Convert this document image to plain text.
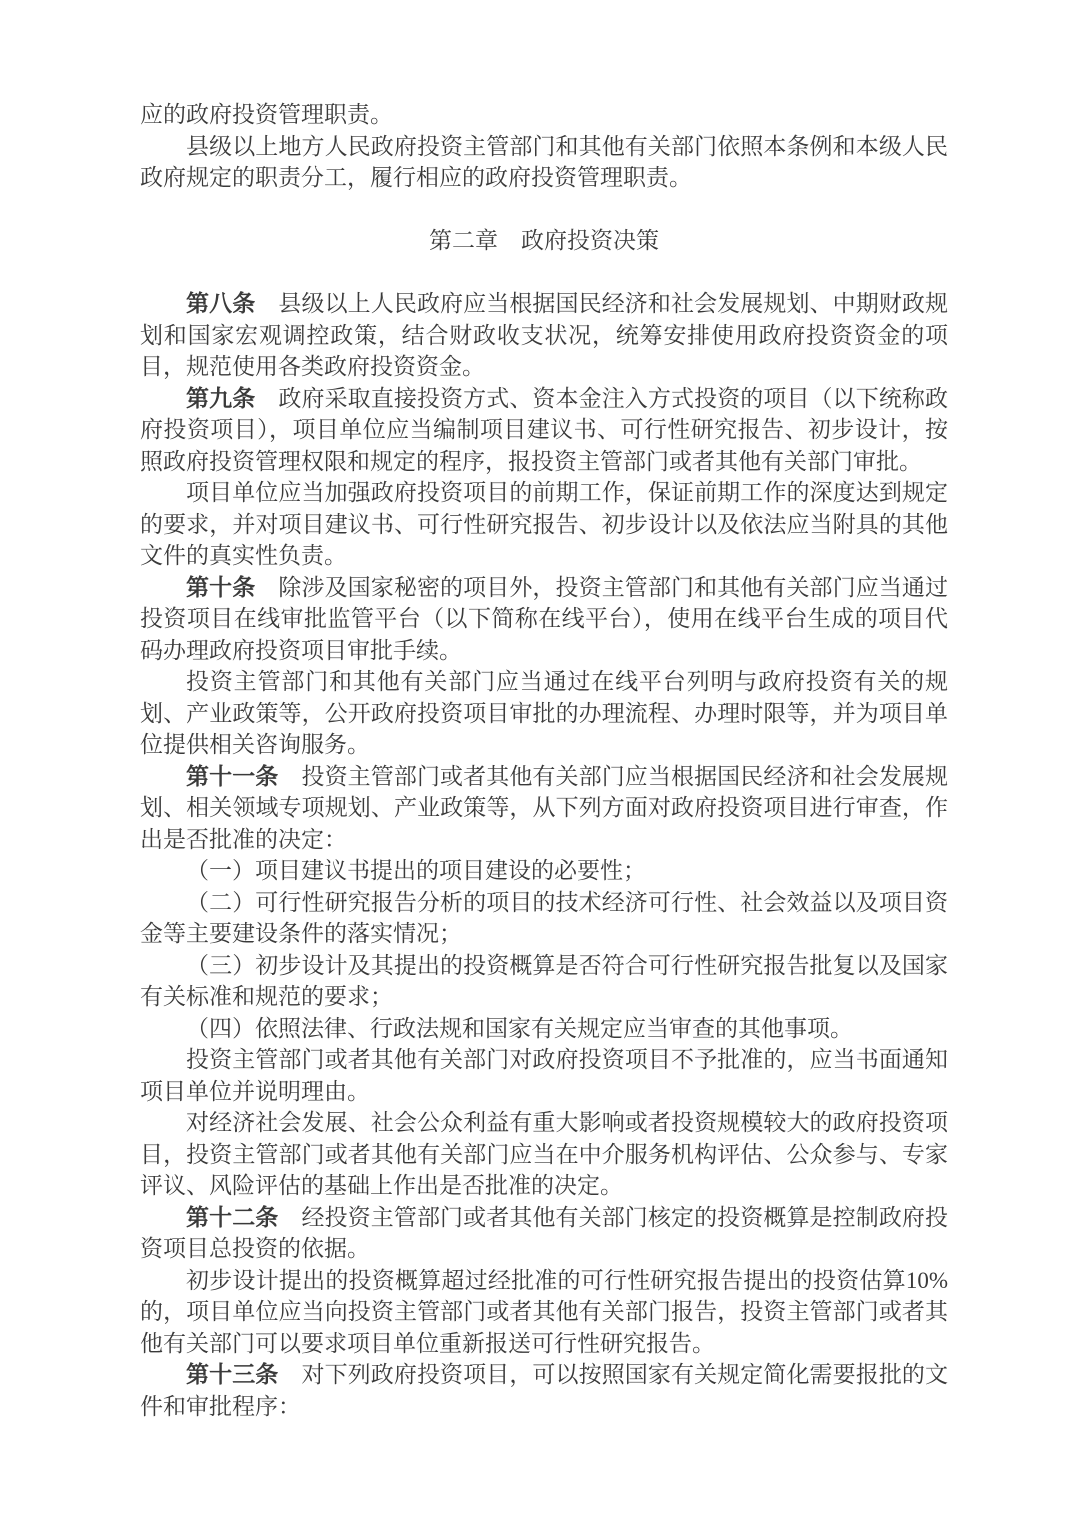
应的政府投资管理职责。

县级以上地方人民政府投资主管部门和其他有关部门依照本条例和本级人民政府规定的职责分工，履行相应的政府投资管理职责。

第二章　政府投资决策

第八条　县级以上人民政府应当根据国民经济和社会发展规划、中期财政规划和国家宏观调控政策，结合财政收支状况，统筹安排使用政府投资资金的项目，规范使用各类政府投资资金。

第九条　政府采取直接投资方式、资本金注入方式投资的项目（以下统称政府投资项目），项目单位应当编制项目建议书、可行性研究报告、初步设计，按照政府投资管理权限和规定的程序，报投资主管部门或者其他有关部门审批。

项目单位应当加强政府投资项目的前期工作，保证前期工作的深度达到规定的要求，并对项目建议书、可行性研究报告、初步设计以及依法应当附具的其他文件的真实性负责。

第十条　除涉及国家秘密的项目外，投资主管部门和其他有关部门应当通过投资项目在线审批监管平台（以下简称在线平台），使用在线平台生成的项目代码办理政府投资项目审批手续。

投资主管部门和其他有关部门应当通过在线平台列明与政府投资有关的规划、产业政策等，公开政府投资项目审批的办理流程、办理时限等，并为项目单位提供相关咨询服务。

第十一条　投资主管部门或者其他有关部门应当根据国民经济和社会发展规划、相关领域专项规划、产业政策等，从下列方面对政府投资项目进行审查，作出是否批准的决定：

（一）项目建议书提出的项目建设的必要性；

（二）可行性研究报告分析的项目的技术经济可行性、社会效益以及项目资金等主要建设条件的落实情况；

（三）初步设计及其提出的投资概算是否符合可行性研究报告批复以及国家有关标准和规范的要求；

（四）依照法律、行政法规和国家有关规定应当审查的其他事项。

投资主管部门或者其他有关部门对政府投资项目不予批准的，应当书面通知项目单位并说明理由。

对经济社会发展、社会公众利益有重大影响或者投资规模较大的政府投资项目，投资主管部门或者其他有关部门应当在中介服务机构评估、公众参与、专家评议、风险评估的基础上作出是否批准的决定。

第十二条　经投资主管部门或者其他有关部门核定的投资概算是控制政府投资项目总投资的依据。

初步设计提出的投资概算超过经批准的可行性研究报告提出的投资估算10%的，项目单位应当向投资主管部门或者其他有关部门报告，投资主管部门或者其他有关部门可以要求项目单位重新报送可行性研究报告。

第十三条　对下列政府投资项目，可以按照国家有关规定简化需要报批的文件和审批程序：
